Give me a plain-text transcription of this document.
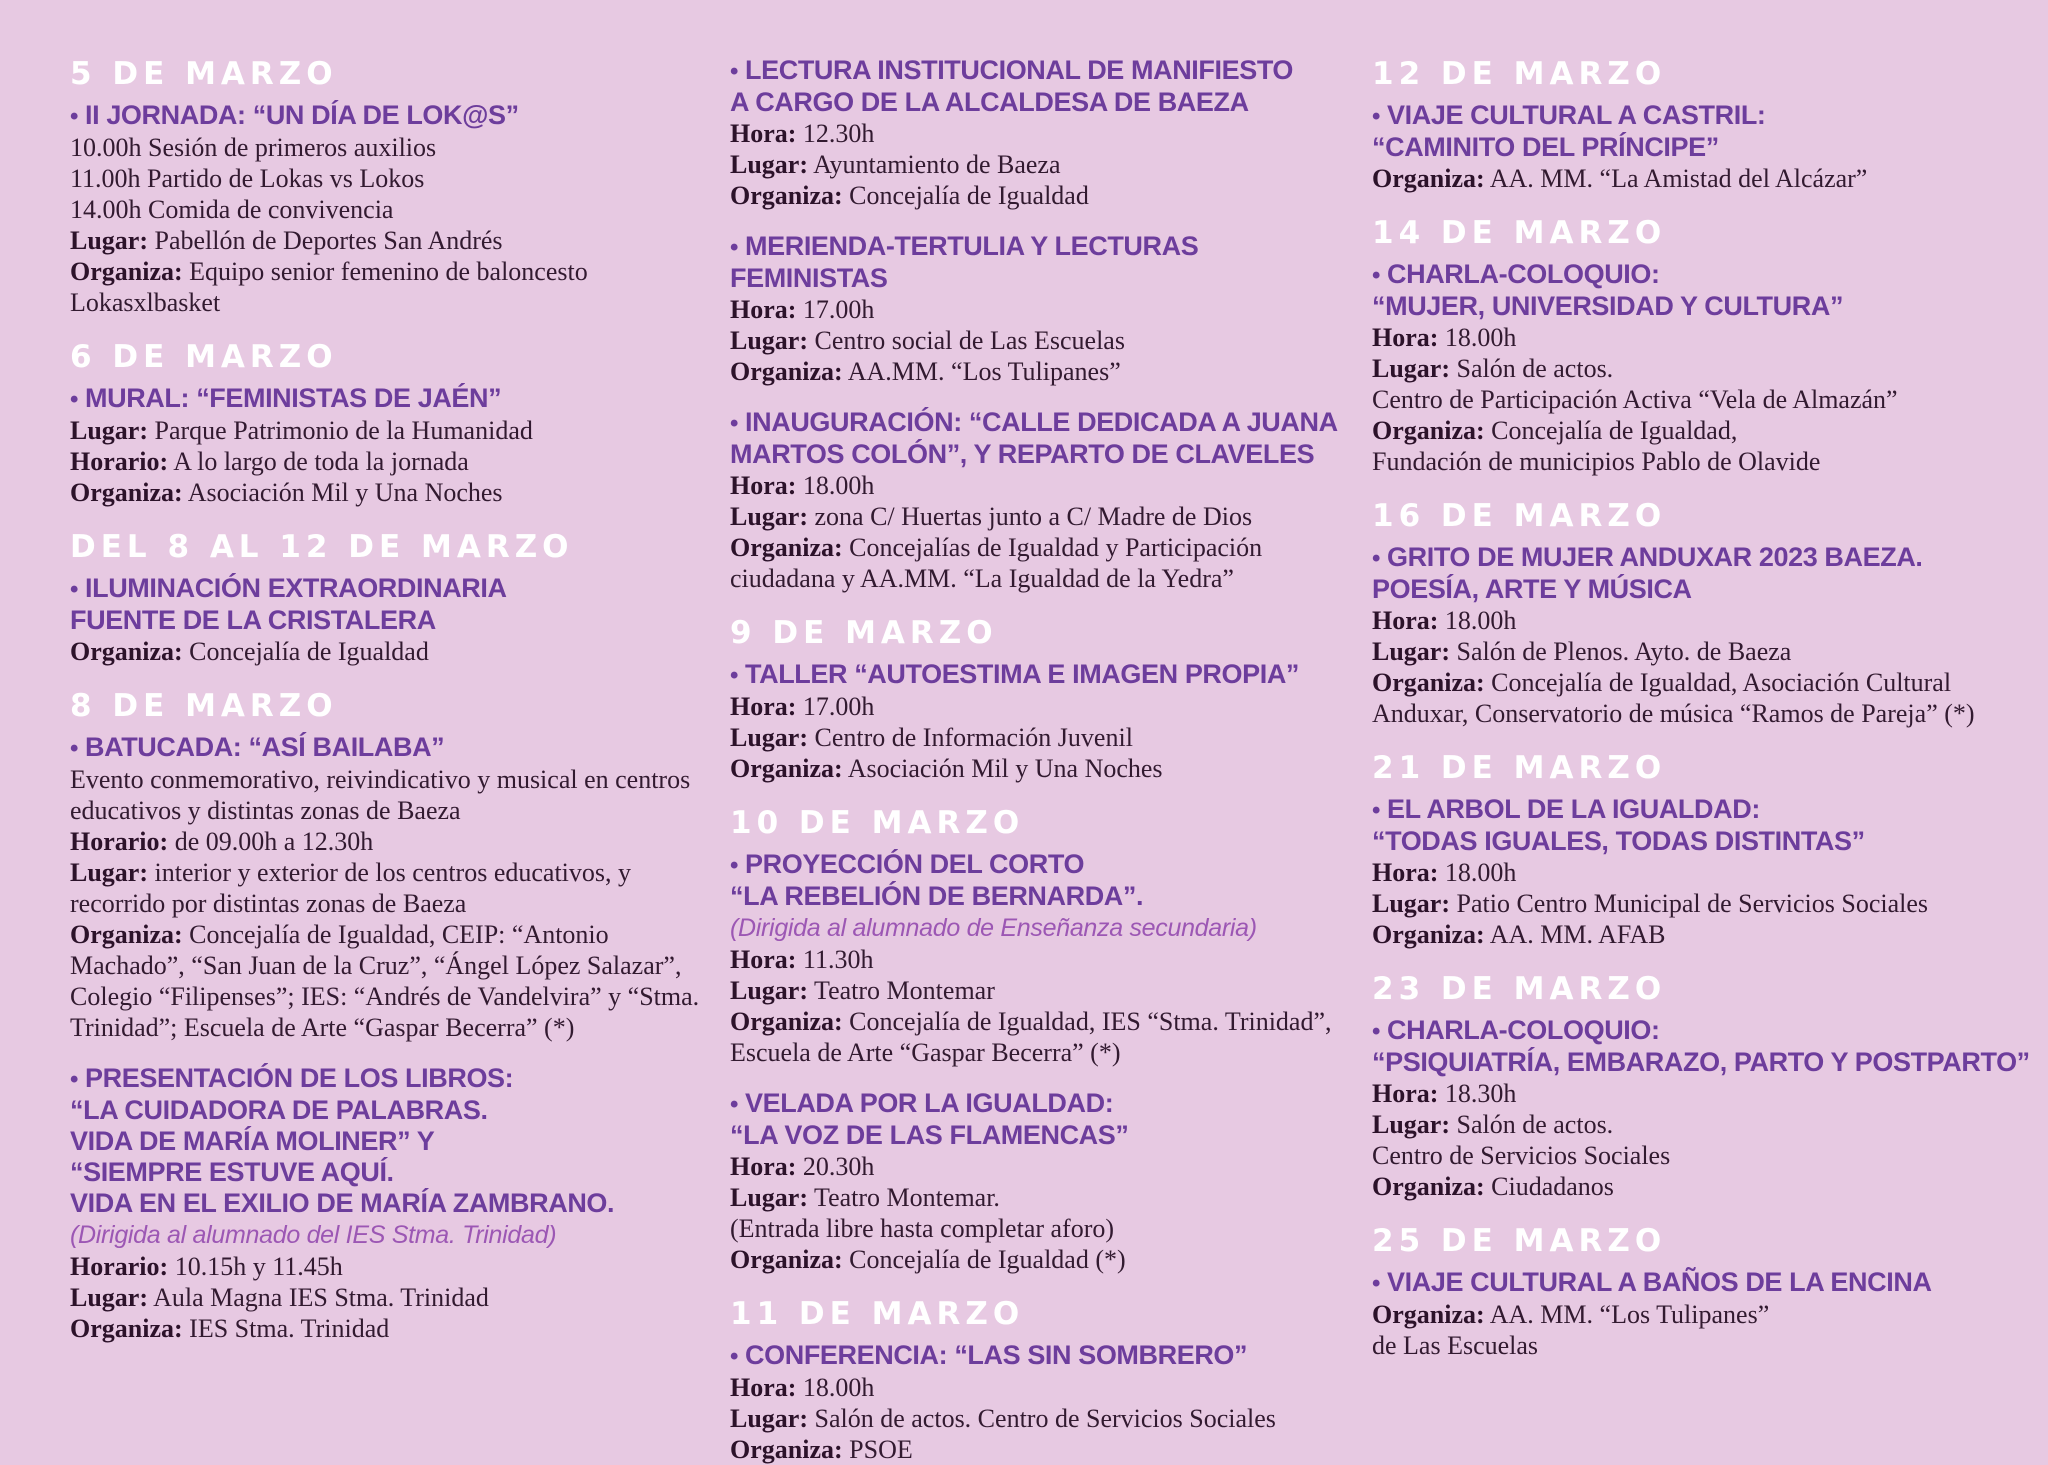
5 DE MARZO
• II JORNADA: “UN DÍA DE LOK@S”
10.00h Sesión de primeros auxilios
11.00h Partido de Lokas vs Lokos
14.00h Comida de convivencia
Lugar: Pabellón de Deportes San Andrés
Organiza: Equipo senior femenino de baloncesto Lokasxlbasket
6 DE MARZO
• MURAL: “FEMINISTAS DE JAÉN”
Lugar: Parque Patrimonio de la Humanidad
Horario: A lo largo de toda la jornada
Organiza: Asociación Mil y Una Noches
DEL 8 AL 12 DE MARZO
• ILUMINACIÓN EXTRAORDINARIA
FUENTE DE LA CRISTALERA
Organiza: Concejalía de Igualdad
8 DE MARZO
• BATUCADA: “ASÍ BAILABA”
Evento conmemorativo, reivindicativo y musical en centros educativos y distintas zonas de Baeza
Horario: de 09.00h a 12.30h
Lugar: interior y exterior de los centros educativos, y recorrido por distintas zonas de Baeza
Organiza: Concejalía de Igualdad, CEIP: “Antonio Machado”, “San Juan de la Cruz”, “Ángel López Salazar”, Colegio “Filipenses”; IES: “Andrés de Vandelvira” y “Stma. Trinidad”; Escuela de Arte “Gaspar Becerra” (*)
• PRESENTACIÓN DE LOS LIBROS:
“LA CUIDADORA DE PALABRAS.
VIDA DE MARÍA MOLINER” Y
“SIEMPRE ESTUVE AQUÍ.
VIDA EN EL EXILIO DE MARÍA ZAMBRANO.
(Dirigida al alumnado del IES Stma. Trinidad)
Horario: 10.15h y 11.45h
Lugar: Aula Magna IES Stma. Trinidad
Organiza: IES Stma. Trinidad
• LECTURA INSTITUCIONAL DE MANIFIESTO
A CARGO DE LA ALCALDESA DE BAEZA
Hora: 12.30h
Lugar: Ayuntamiento de Baeza
Organiza: Concejalía de Igualdad
• MERIENDA-TERTULIA Y LECTURAS FEMINISTAS
Hora: 17.00h
Lugar: Centro social de Las Escuelas
Organiza: AA.MM. “Los Tulipanes”
• INAUGURACIÓN: “CALLE DEDICADA A JUANA
MARTOS COLÓN”, Y REPARTO DE CLAVELES
Hora: 18.00h
Lugar: zona C/ Huertas junto a C/ Madre de Dios
Organiza: Concejalías de Igualdad y Participación ciudadana y AA.MM. “La Igualdad de la Yedra”
9 DE MARZO
• TALLER “AUTOESTIMA E IMAGEN PROPIA”
Hora: 17.00h
Lugar: Centro de Información Juvenil
Organiza: Asociación Mil y Una Noches
10 DE MARZO
• PROYECCIÓN DEL CORTO
“LA REBELIÓN DE BERNARDA”.
(Dirigida al alumnado de Enseñanza secundaria)
Hora: 11.30h
Lugar: Teatro Montemar
Organiza: Concejalía de Igualdad, IES “Stma. Trinidad”, Escuela de Arte “Gaspar Becerra” (*)
• VELADA POR LA IGUALDAD:
“LA VOZ DE LAS FLAMENCAS”
Hora: 20.30h
Lugar: Teatro Montemar.
(Entrada libre hasta completar aforo)
Organiza: Concejalía de Igualdad (*)
11 DE MARZO
• CONFERENCIA: “LAS SIN SOMBRERO”
Hora: 18.00h
Lugar: Salón de actos. Centro de Servicios Sociales
Organiza: PSOE
12 DE MARZO
• VIAJE CULTURAL A CASTRIL:
“CAMINITO DEL PRÍNCIPE”
Organiza: AA. MM. “La Amistad del Alcázar”
14 DE MARZO
• CHARLA-COLOQUIO:
“MUJER, UNIVERSIDAD Y CULTURA”
Hora: 18.00h
Lugar: Salón de actos.
Centro de Participación Activa “Vela de Almazán”
Organiza: Concejalía de Igualdad,
Fundación de municipios Pablo de Olavide
16 DE MARZO
• GRITO DE MUJER ANDUXAR 2023 BAEZA.
POESÍA, ARTE Y MÚSICA
Hora: 18.00h
Lugar: Salón de Plenos. Ayto. de Baeza
Organiza: Concejalía de Igualdad, Asociación Cultural Anduxar, Conservatorio de música “Ramos de Pareja” (*)
21 DE MARZO
• EL ARBOL DE LA IGUALDAD:
“TODAS IGUALES, TODAS DISTINTAS”
Hora: 18.00h
Lugar: Patio Centro Municipal de Servicios Sociales
Organiza: AA. MM. AFAB
23 DE MARZO
• CHARLA-COLOQUIO:
“PSIQUIATRÍA, EMBARAZO, PARTO Y POSTPARTO”
Hora: 18.30h
Lugar: Salón de actos.
Centro de Servicios Sociales
Organiza: Ciudadanos
25 DE MARZO
• VIAJE CULTURAL A BAÑOS DE LA ENCINA
Organiza: AA. MM. “Los Tulipanes”
de Las Escuelas
